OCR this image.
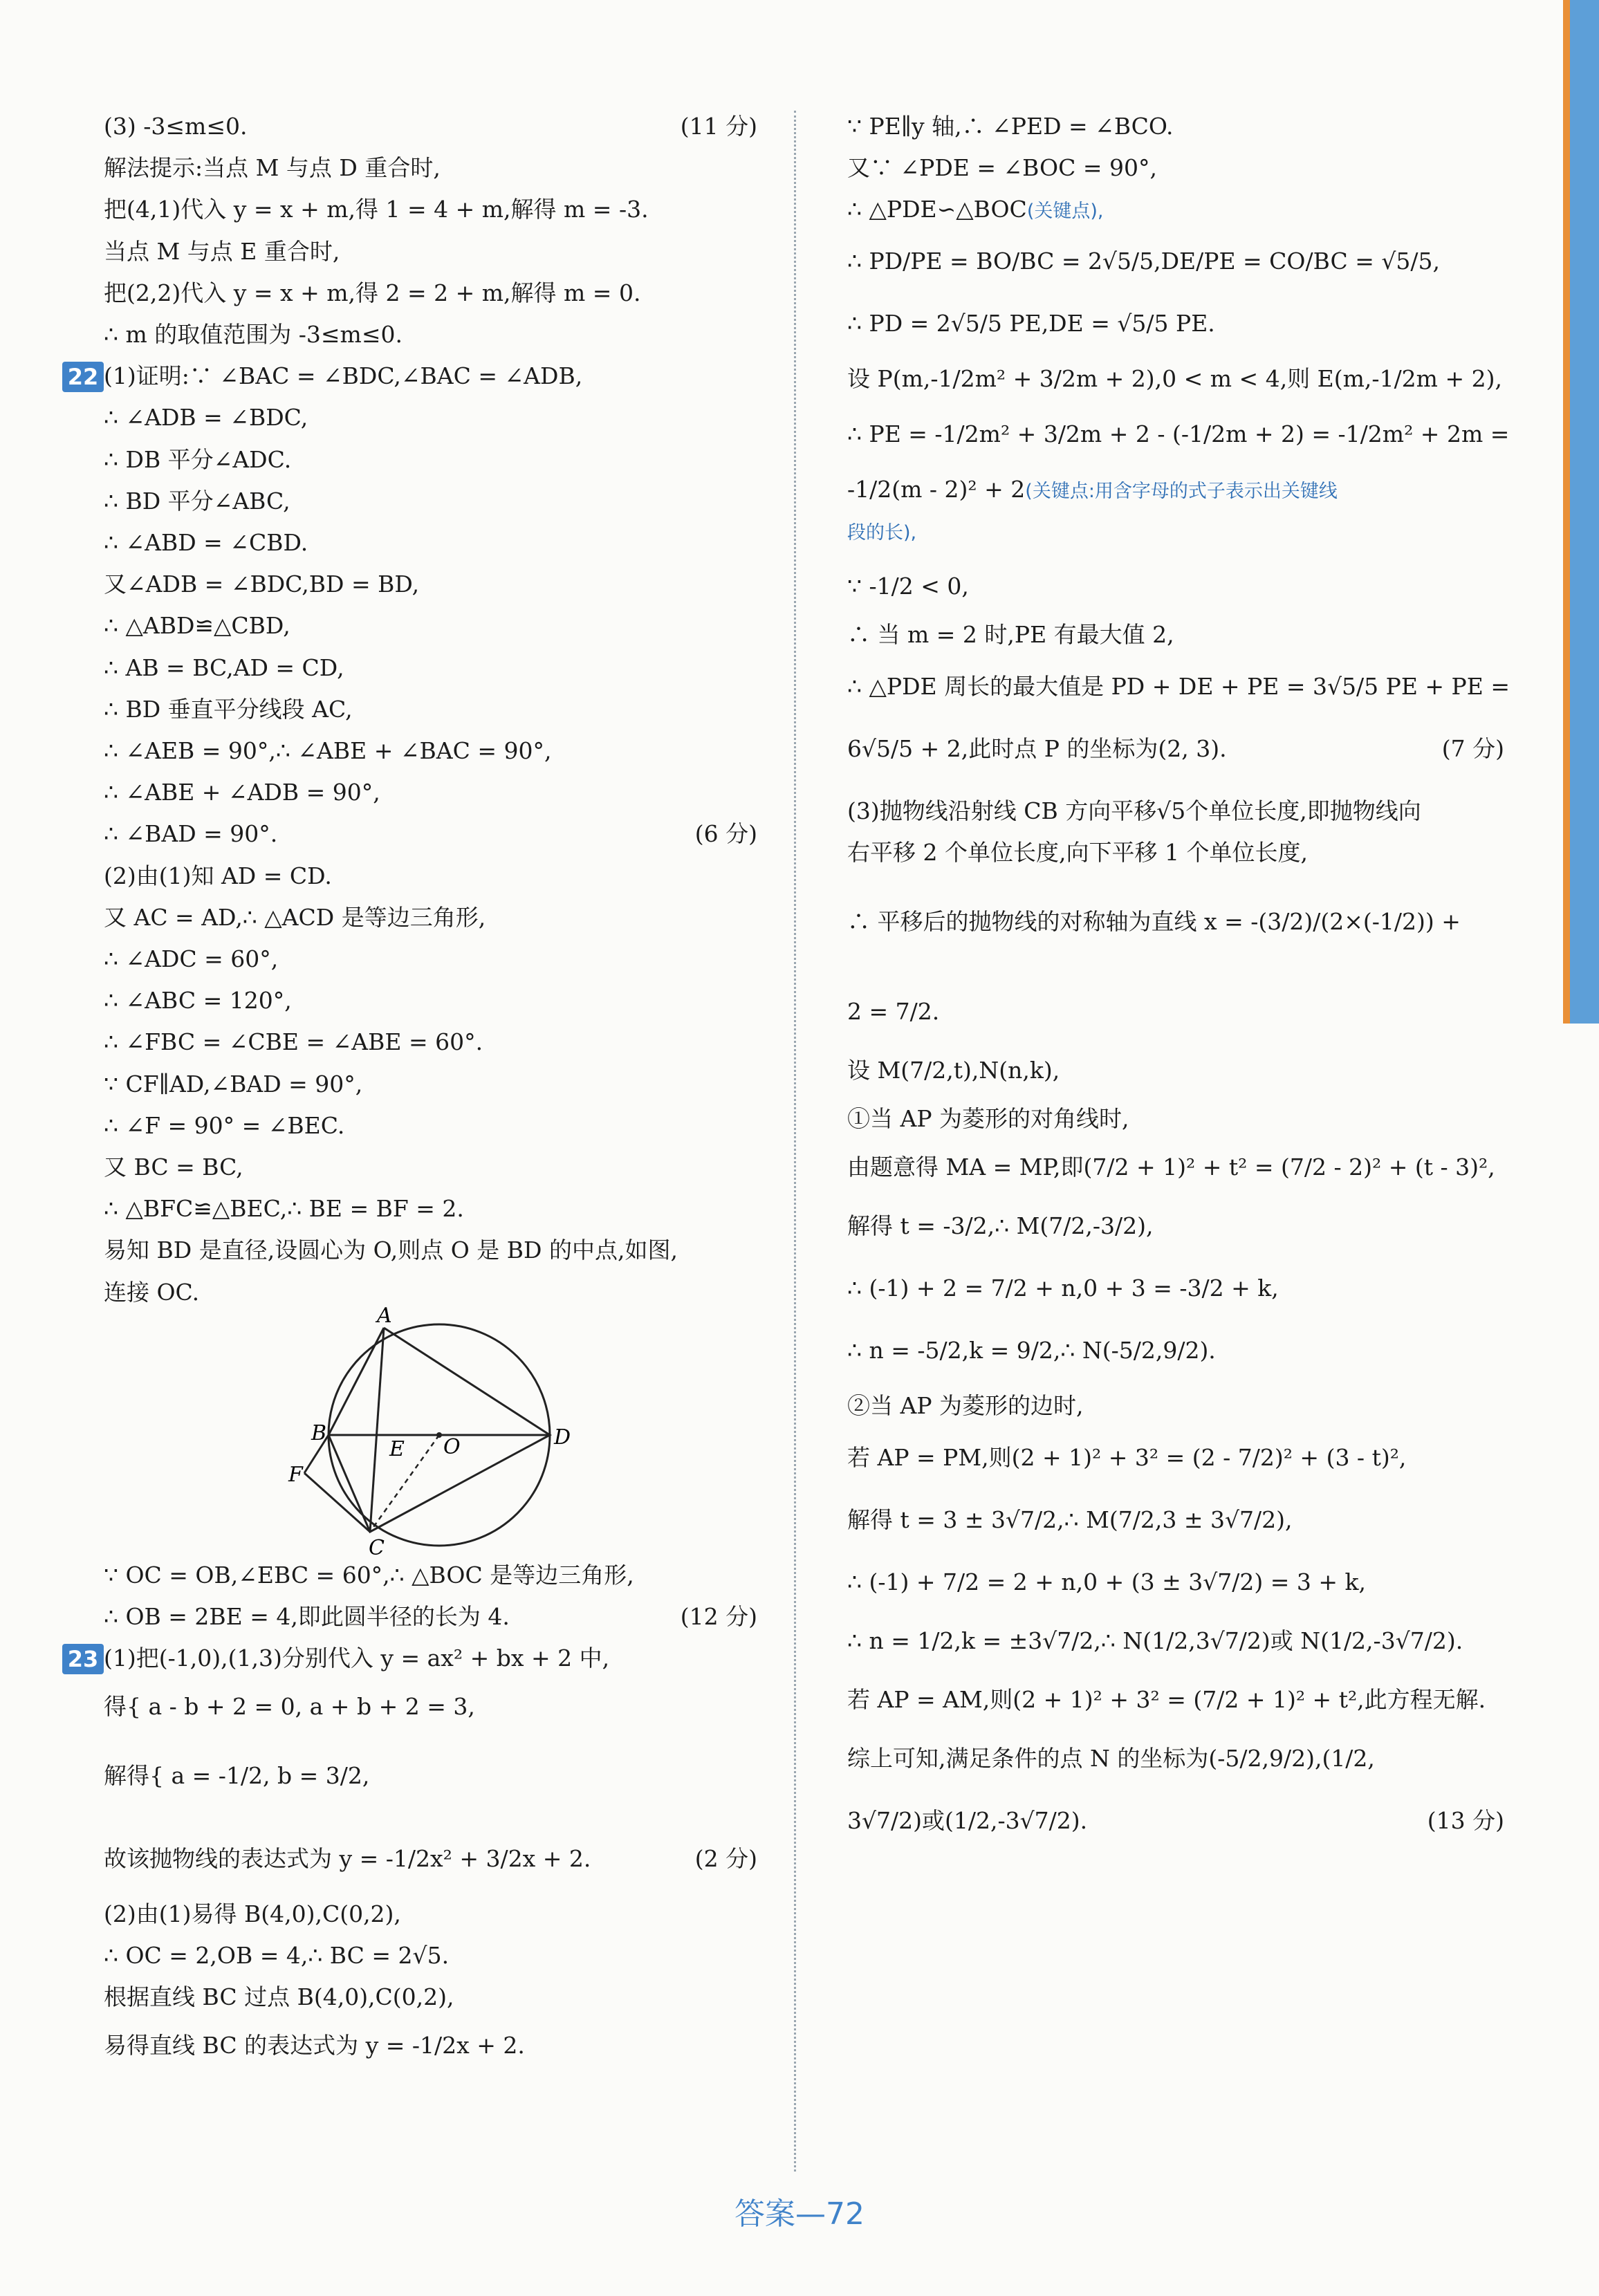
(3) -3≤m≤0.	(11 分)
解法提示:当点 M 与点 D 重合时,
把(4,1)代入 y = x + m,得 1 = 4 + m,解得 m = -3.
当点 M 与点 E 重合时,
把(2,2)代入 y = x + m,得 2 = 2 + m,解得 m = 0.
∴ m 的取值范围为 -3≤m≤0.
22 (1)证明:∵ ∠BAC = ∠BDC,∠BAC = ∠ADB,
∴ ∠ADB = ∠BDC,
∴ DB 平分∠ADC.
∴ BD 平分∠ABC,
∴ ∠ABD = ∠CBD.
又∠ADB = ∠BDC,BD = BD,
∴ △ABD≌△CBD,
∴ AB = BC,AD = CD,
∴ BD 垂直平分线段 AC,
∴ ∠AEB = 90°,∴ ∠ABE + ∠BAC = 90°,
∴ ∠ABE + ∠ADB = 90°,
∴ ∠BAD = 90°.	(6 分)
(2)由(1)知 AD = CD.
又 AC = AD,∴ △ACD 是等边三角形,
∴ ∠ADC = 60°,
∴ ∠ABC = 120°,
∴ ∠FBC = ∠CBE = ∠ABE = 60°.
∵ CF∥AD,∠BAD = 90°,
∴ ∠F = 90° = ∠BEC.
又 BC = BC,
∴ △BFC≌△BEC,∴ BE = BF = 2.
易知 BD 是直径,设圆心为 O,则点 O 是 BD 的中点,如图,
连接 OC.
∵ OC = OB,∠EBC = 60°,∴ △BOC 是等边三角形,
∴ OB = 2BE = 4,即此圆半径的长为 4.	(12 分)
23 (1)把(-1,0),(1,3)分别代入 y = ax² + bx + 2 中,
得{ a - b + 2 = 0, a + b + 2 = 3,
解得{ a = -1/2, b = 3/2,
故该抛物线的表达式为 y = -1/2x² + 3/2x + 2.	(2 分)
(2)由(1)易得 B(4,0),C(0,2),
∴ OC = 2,OB = 4,∴ BC = 2√5.
根据直线 BC 过点 B(4,0),C(0,2),
易得直线 BC 的表达式为 y = -1/2x + 2.
∵ PE∥y 轴,∴ ∠PED = ∠BCO.
又∵ ∠PDE = ∠BOC = 90°,
∴ △PDE∽△BOC(关键点),
∴ PD/PE = BO/BC = 2√5/5,DE/PE = CO/BC = √5/5,
∴ PD = 2√5/5 PE,DE = √5/5 PE.
设 P(m,-1/2m² + 3/2m + 2),0 < m < 4,则 E(m,-1/2m + 2),
∴ PE = -1/2m² + 3/2m + 2 - (-1/2m + 2) = -1/2m² + 2m =
-1/2(m - 2)² + 2(关键点:用含字母的式子表示出关键线
段的长),
∵ -1/2 < 0,
∴ 当 m = 2 时,PE 有最大值 2,
∴ △PDE 周长的最大值是 PD + DE + PE = 3√5/5 PE + PE =
6√5/5 + 2,此时点 P 的坐标为(2, 3).	(7 分)
(3)抛物线沿射线 CB 方向平移√5个单位长度,即抛物线向
右平移 2 个单位长度,向下平移 1 个单位长度,
∴ 平移后的抛物线的对称轴为直线 x = -(3/2)/(2×(-1/2)) +
2 = 7/2.
设 M(7/2,t),N(n,k),
①当 AP 为菱形的对角线时,
由题意得 MA = MP,即(7/2 + 1)² + t² = (7/2 - 2)² + (t - 3)²,
解得 t = -3/2,∴ M(7/2,-3/2),
∴ (-1) + 2 = 7/2 + n,0 + 3 = -3/2 + k,
∴ n = -5/2,k = 9/2,∴ N(-5/2,9/2).
②当 AP 为菱形的边时,
若 AP = PM,则(2 + 1)² + 3² = (2 - 7/2)² + (3 - t)²,
解得 t = 3 ± 3√7/2,∴ M(7/2,3 ± 3√7/2),
∴ (-1) + 7/2 = 2 + n,0 + (3 ± 3√7/2) = 3 + k,
∴ n = 1/2,k = ±3√7/2,∴ N(1/2,3√7/2)或 N(1/2,-3√7/2).
若 AP = AM,则(2 + 1)² + 3² = (7/2 + 1)² + t²,此方程无解.
综上可知,满足条件的点 N 的坐标为(-5/2,9/2),(1/2,
3√7/2)或(1/2,-3√7/2).	(13 分)
A
B
C
D
E
F
O
答案—72
